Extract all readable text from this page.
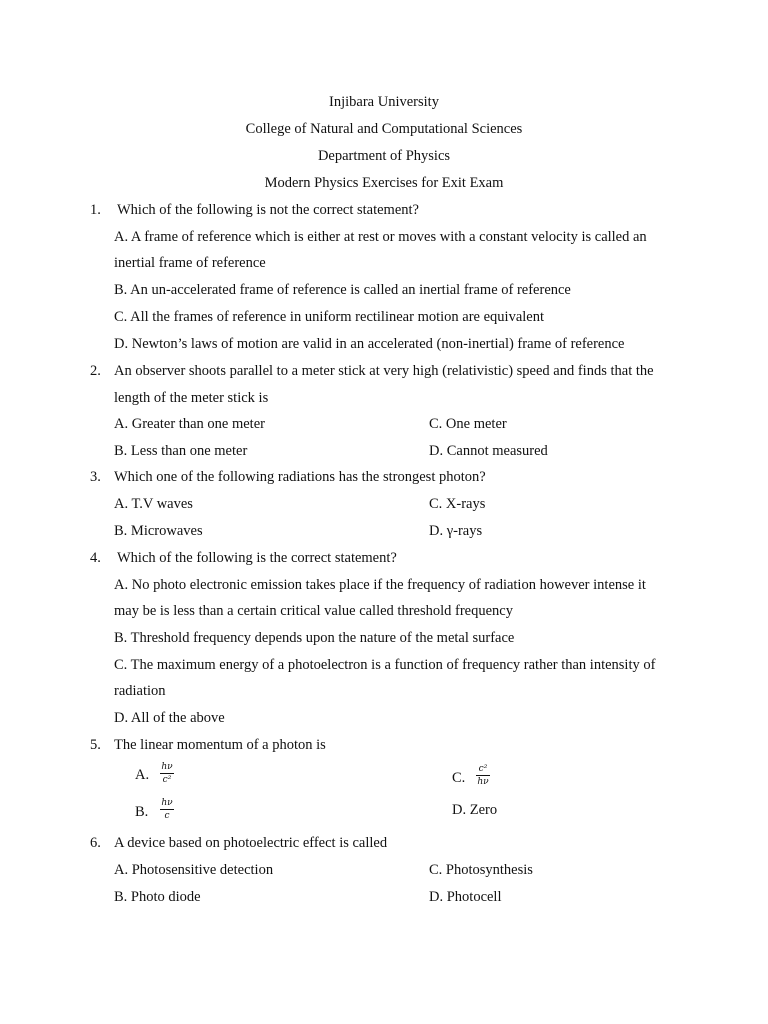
Injibara University
College of Natural and Computational Sciences
Department of Physics
Modern Physics Exercises for Exit Exam
1. Which of the following is not the correct statement?
A. A frame of reference which is either at rest or moves with a constant velocity is called an
inertial frame of reference
B. An un-accelerated frame of reference is called an inertial frame of reference
C. All the frames of reference in uniform rectilinear motion are equivalent
D. Newton’s laws of motion are valid in an accelerated (non-inertial) frame of reference
2. An observer shoots parallel to a meter stick at very high (relativistic) speed and finds that the
length of the meter stick is
A. Greater than one meter
B. Less than one meter
C. One meter
D. Cannot measured
3. Which one of the following radiations has the strongest photon?
A. T.V waves
B. Microwaves
C. X-rays
D. γ-rays
4. Which of the following is the correct statement?
A. No photo electronic emission takes place if the frequency of radiation however intense it
may be is less than a certain critical value called threshold frequency
B. Threshold frequency depends upon the nature of the metal surface
C. The maximum energy of a photoelectron is a function of frequency rather than intensity of
radiation
D. All of the above
5. The linear momentum of a photon is
A. hν
c²
B.
hν
c
C.
c²
hν
D. Zero
6. A device based on photoelectric effect is called
A. Photosensitive detection
B. Photo diode
C. Photosynthesis
D. Photocell
